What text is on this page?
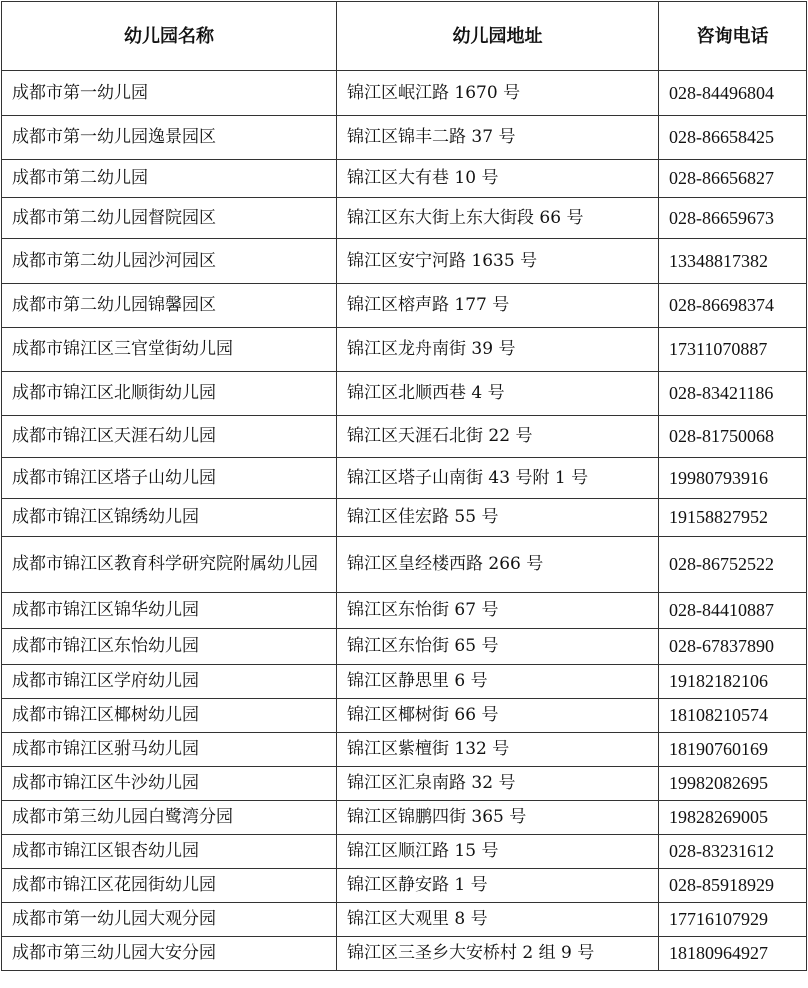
幼儿园名称	幼儿园地址	咨询电话
成都市第一幼儿园	锦江区岷江路 1670 号	028-84496804
成都市第一幼儿园逸景园区	锦江区锦丰二路 37 号	028-86658425
成都市第二幼儿园	锦江区大有巷 10 号	028-86656827
成都市第二幼儿园督院园区	锦江区东大街上东大街段 66 号	028-86659673
成都市第二幼儿园沙河园区	锦江区安宁河路 1635 号	13348817382
成都市第二幼儿园锦馨园区	锦江区榕声路 177 号	028-86698374
成都市锦江区三官堂街幼儿园	锦江区龙舟南街 39 号	17311070887
成都市锦江区北顺街幼儿园	锦江区北顺西巷 4 号	028-83421186
成都市锦江区天涯石幼儿园	锦江区天涯石北街 22 号	028-81750068
成都市锦江区塔子山幼儿园	锦江区塔子山南街 43 号附 1 号	19980793916
成都市锦江区锦绣幼儿园	锦江区佳宏路 55 号	19158827952
成都市锦江区教育科学研究院附属幼儿园	锦江区皇经楼西路 266 号	028-86752522
成都市锦江区锦华幼儿园	锦江区东怡街 67 号	028-84410887
成都市锦江区东怡幼儿园	锦江区东怡街 65 号	028-67837890
成都市锦江区学府幼儿园	锦江区静思里 6 号	19182182106
成都市锦江区椰树幼儿园	锦江区椰树街 66 号	18108210574
成都市锦江区驸马幼儿园	锦江区紫檀街 132 号	18190760169
成都市锦江区牛沙幼儿园	锦江区汇泉南路 32 号	19982082695
成都市第三幼儿园白鹭湾分园	锦江区锦鹏四街 365 号	19828269005
成都市锦江区银杏幼儿园	锦江区顺江路 15 号	028-83231612
成都市锦江区花园街幼儿园	锦江区静安路 1 号	028-85918929
成都市第一幼儿园大观分园	锦江区大观里 8 号	17716107929
成都市第三幼儿园大安分园	锦江区三圣乡大安桥村 2 组 9 号	18180964927
